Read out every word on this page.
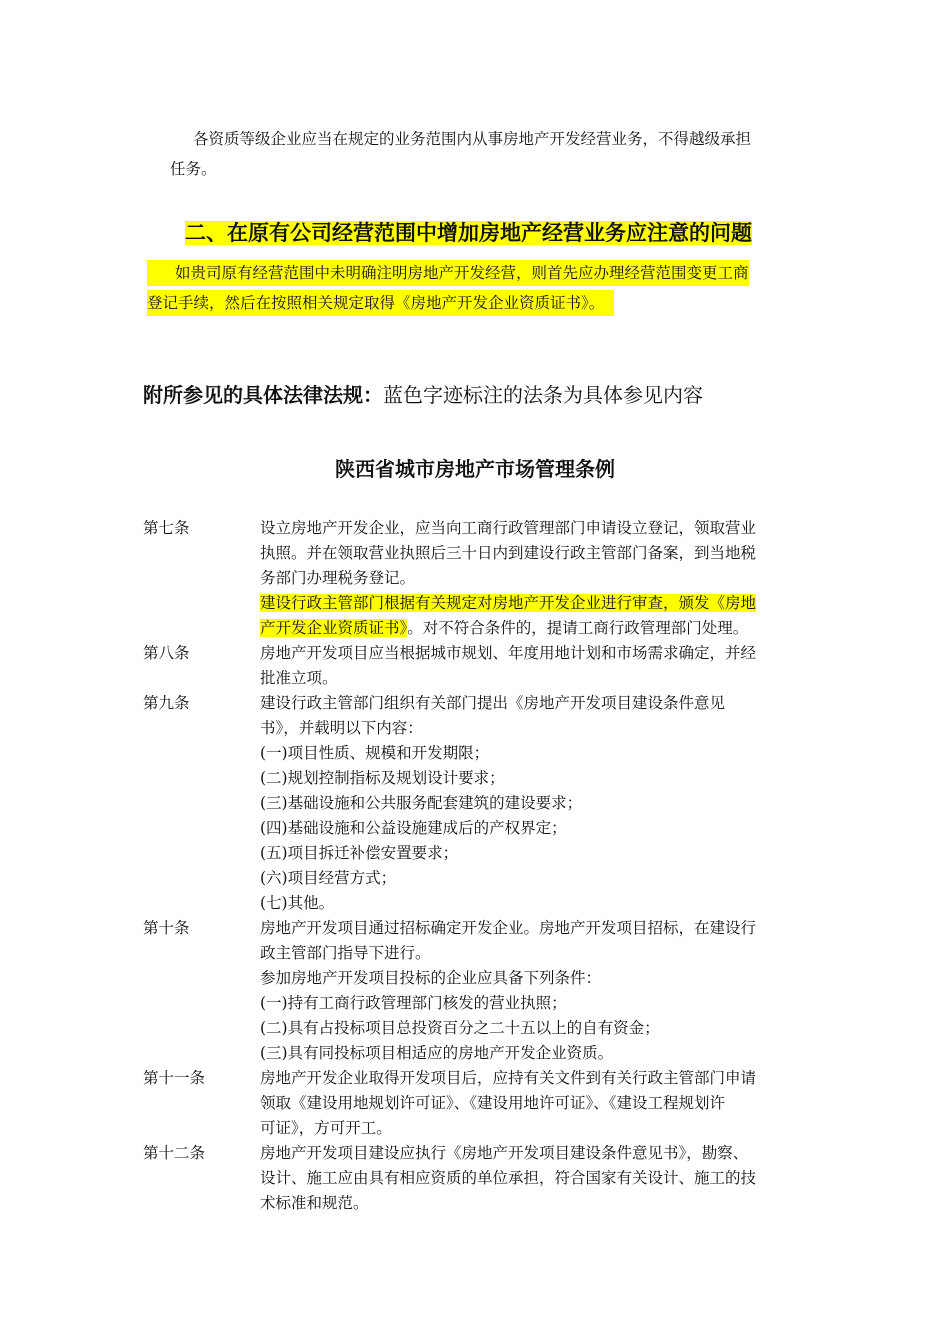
各资质等级企业应当在规定的业务范围内从事房地产开发经营业务，不得越级承担
任务。
二、在原有公司经营范围中增加房地产经营业务应注意的问题
如贵司原有经营范围中未明确注明房地产开发经营，则首先应办理经营范围变更工商
登记手续，然后在按照相关规定取得《房地产开发企业资质证书》。
附所参见的具体法律法规：蓝色字迹标注的法条为具体参见内容
陕西省城市房地产市场管理条例
第七条	设立房地产开发企业，应当向工商行政管理部门申请设立登记，领取营业
执照。并在领取营业执照后三十日内到建设行政主管部门备案，到当地税
务部门办理税务登记。
建设行政主管部门根据有关规定对房地产开发企业进行审查，颁发《房地
产开发企业资质证书》。对不符合条件的，提请工商行政管理部门处理。
第八条	房地产开发项目应当根据城市规划、年度用地计划和市场需求确定，并经
批准立项。
第九条	建设行政主管部门组织有关部门提出《房地产开发项目建设条件意见
书》，并载明以下内容：
(一)项目性质、规模和开发期限；
(二)规划控制指标及规划设计要求；
(三)基础设施和公共服务配套建筑的建设要求；
(四)基础设施和公益设施建成后的产权界定；
(五)项目拆迁补偿安置要求；
(六)项目经营方式；
(七)其他。
第十条	房地产开发项目通过招标确定开发企业。房地产开发项目招标，在建设行
政主管部门指导下进行。
参加房地产开发项目投标的企业应具备下列条件：
(一)持有工商行政管理部门核发的营业执照；
(二)具有占投标项目总投资百分之二十五以上的自有资金；
(三)具有同投标项目相适应的房地产开发企业资质。
第十一条	房地产开发企业取得开发项目后，应持有关文件到有关行政主管部门申请
领取《建设用地规划许可证》、《建设用地许可证》、《建设工程规划许
可证》，方可开工。
第十二条	房地产开发项目建设应执行《房地产开发项目建设条件意见书》，勘察、
设计、施工应由具有相应资质的单位承担，符合国家有关设计、施工的技
术标准和规范。
